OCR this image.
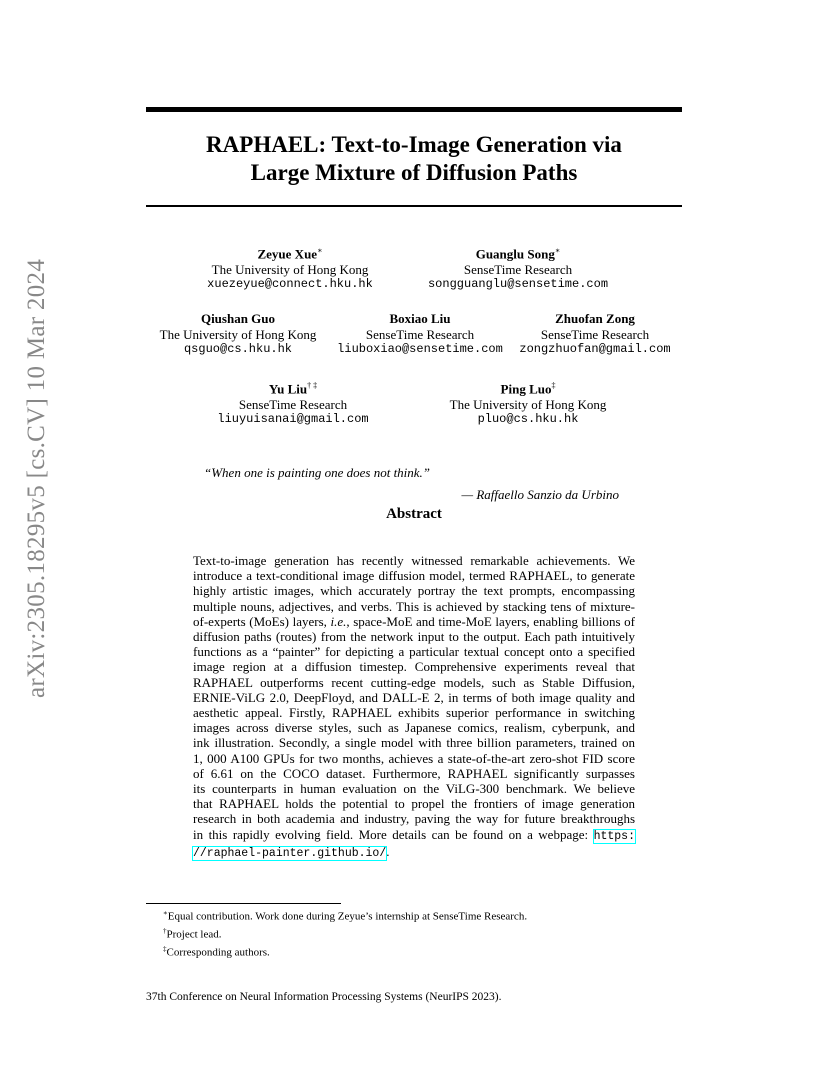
arXiv:2305.18295v5 [cs.CV] 10 Mar 2024
RAPHAEL: Text-to-Image Generation via
Large Mixture of Diffusion Paths
Zeyue Xue∗
The University of Hong Kong
xuezeyue@connect.hku.hk
Guanglu Song∗
SenseTime Research
songguanglu@sensetime.com
Qiushan Guo
The University of Hong Kong
qsguo@cs.hku.hk
Boxiao Liu
SenseTime Research
liuboxiao@sensetime.com
Zhuofan Zong
SenseTime Research
zongzhuofan@gmail.com
Yu Liu† ‡
SenseTime Research
liuyuisanai@gmail.com
Ping Luo‡
The University of Hong Kong
pluo@cs.hku.hk
“When one is painting one does not think.”
— Raffaello Sanzio da Urbino
Abstract
Text-to-image generation has recently witnessed remarkable achievements. We
introduce a text-conditional image diffusion model, termed RAPHAEL, to generate
highly artistic images, which accurately portray the text prompts, encompassing
multiple nouns, adjectives, and verbs. This is achieved by stacking tens of mixture-
of-experts (MoEs) layers, i.e., space-MoE and time-MoE layers, enabling billions of
diffusion paths (routes) from the network input to the output. Each path intuitively
functions as a “painter” for depicting a particular textual concept onto a specified
image region at a diffusion timestep. Comprehensive experiments reveal that
RAPHAEL outperforms recent cutting-edge models, such as Stable Diffusion,
ERNIE-ViLG 2.0, DeepFloyd, and DALL-E 2, in terms of both image quality and
aesthetic appeal. Firstly, RAPHAEL exhibits superior performance in switching
images across diverse styles, such as Japanese comics, realism, cyberpunk, and
ink illustration. Secondly, a single model with three billion parameters, trained on
1, 000 A100 GPUs for two months, achieves a state-of-the-art zero-shot FID score
of 6.61 on the COCO dataset. Furthermore, RAPHAEL significantly surpasses
its counterparts in human evaluation on the ViLG-300 benchmark. We believe
that RAPHAEL holds the potential to propel the frontiers of image generation
research in both academia and industry, paving the way for future breakthroughs
in this rapidly evolving field. More details can be found on a webpage: https:
//raphael-painter.github.io/.
∗Equal contribution. Work done during Zeyue’s internship at SenseTime Research.
†Project lead.
‡Corresponding authors.
37th Conference on Neural Information Processing Systems (NeurIPS 2023).
